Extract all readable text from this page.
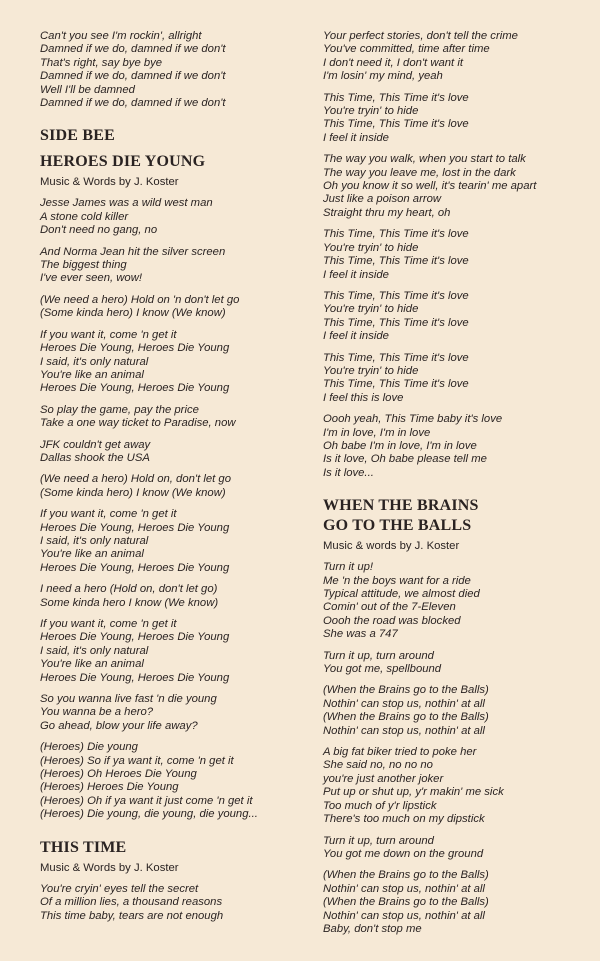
Can't you see I'm rockin', allright
Damned if we do, damned if we don't
That's right, say bye bye
Damned if we do, damned if we don't
Well I'll be damned
Damned if we do, damned if we don't
SIDE BEE
HEROES DIE YOUNG
Music & Words by J. Koster
Jesse James was a wild west man
A stone cold killer
Don't need no gang, no
And Norma Jean hit the silver screen
The biggest thing
I've ever seen, wow!
(We need a hero) Hold on 'n don't let go
(Some kinda hero) I know (We know)
If you want it, come 'n get it
Heroes Die Young, Heroes Die Young
I said, it's only natural
You're like an animal
Heroes Die Young, Heroes Die Young
So play the game, pay the price
Take a one way ticket to Paradise, now
JFK couldn't get away
Dallas shook the USA
(We need a hero) Hold on, don't let go
(Some kinda hero) I know (We know)
If you want it, come 'n get it
Heroes Die Young, Heroes Die Young
I said, it's only natural
You're like an animal
Heroes Die Young, Heroes Die Young
I need a hero (Hold on, don't let go)
Some kinda hero I know (We know)
If you want it, come 'n get it
Heroes Die Young, Heroes Die Young
I said, it's only natural
You're like an animal
Heroes Die Young, Heroes Die Young
So you wanna live fast 'n die young
You wanna be a hero?
Go ahead, blow your life away?
(Heroes) Die young
(Heroes) So if ya want it, come 'n get it
(Heroes) Oh Heroes Die Young
(Heroes) Heroes Die Young
(Heroes) Oh if ya want it just come 'n get it
(Heroes) Die young, die young, die young...
THIS TIME
Music & Words by J. Koster
You're cryin' eyes tell the secret
Of a million lies, a thousand reasons
This time baby, tears are not enough
Your perfect stories, don't tell the crime
You've committed, time after time
I don't need it, I don't want it
I'm losin' my mind, yeah
This Time, This Time it's love
You're tryin' to hide
This Time, This Time it's love
I feel it inside
The way you walk, when you start to talk
The way you leave me, lost in the dark
Oh you know it so well, it's tearin' me apart
Just like a poison arrow
Straight thru my heart, oh
This Time, This Time it's love
You're tryin' to hide
This Time, This Time it's love
I feel it inside
This Time, This Time it's love
You're tryin' to hide
This Time, This Time it's love
I feel it inside
This Time, This Time it's love
You're tryin' to hide
This Time, This Time it's love
I feel this is love
Oooh yeah, This Time baby it's love
I'm in love, I'm in love
Oh babe I'm in love, I'm in love
Is it love, Oh babe please tell me
Is it love...
WHEN THE BRAINS
GO TO THE BALLS
Music & words by J. Koster
Turn it up!
Me 'n the boys want for a ride
Typical attitude, we almost died
Comin' out of the 7-Eleven
Oooh the road was blocked
She was a 747
Turn it up, turn around
You got me, spellbound
(When the Brains go to the Balls)
Nothin' can stop us, nothin' at all
(When the Brains go to the Balls)
Nothin' can stop us, nothin' at all
A big fat biker tried to poke her
She said no, no no no
you're just another joker
Put up or shut up, y'r makin' me sick
Too much of y'r lipstick
There's too much on my dipstick
Turn it up, turn around
You got me down on the ground
(When the Brains go to the Balls)
Nothin' can stop us, nothin' at all
(When the Brains go to the Balls)
Nothin' can stop us, nothin' at all
Baby, don't stop me
